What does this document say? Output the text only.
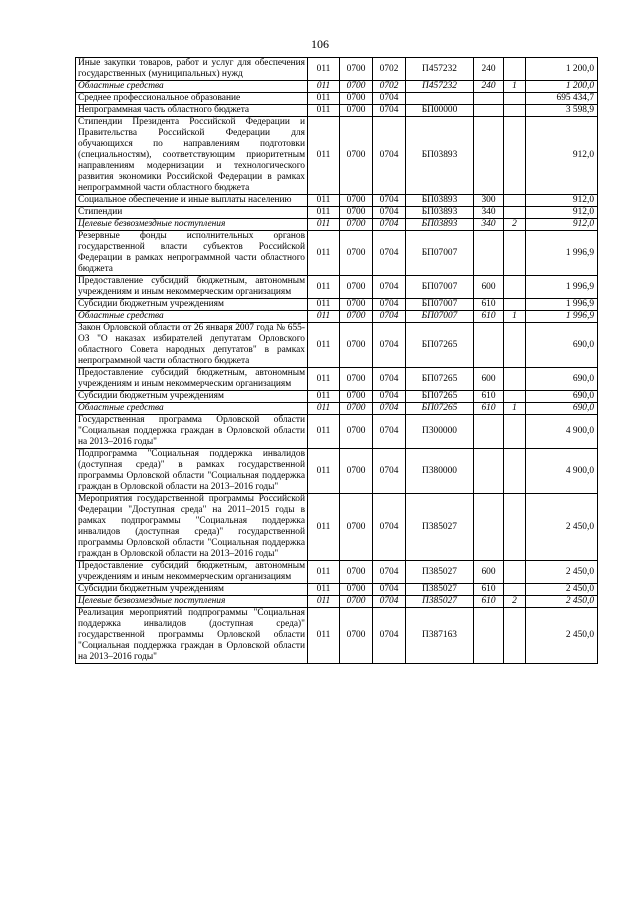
106
Иные закупки товаров, работ и услуг для обеспечения государственных (муниципальных) нужд	011	0700	0702	П457232	240		1 200,0
Областные средства	011	0700	0702	П457232	240	1	1 200,0
Среднее профессиональное образование	011	0700	0704				695 434,7
Непрограммная часть областного бюджета	011	0700	0704	БП00000			3 598,9
Стипендии Президента Российской Федерации и Правительства Российской Федерации для обучающихся по направлениям подготовки (специальностям), соответствующим приоритетным направлениям модернизации и технологического развития экономики Российской Федерации в рамках непрограммной части областного бюджета	011	0700	0704	БП03893			912,0
Социальное обеспечение и иные выплаты населению	011	0700	0704	БП03893	300		912,0
Стипендии	011	0700	0704	БП03893	340		912,0
Целевые безвозмездные поступления	011	0700	0704	БП03893	340	2	912,0
Резервные фонды исполнительных органов государственной власти субъектов Российской Федерации в рамках непрограммной части областного бюджета	011	0700	0704	БП07007			1 996,9
Предоставление субсидий бюджетным, автономным учреждениям и иным некоммерческим организациям	011	0700	0704	БП07007	600		1 996,9
Субсидии бюджетным учреждениям	011	0700	0704	БП07007	610		1 996,9
Областные средства	011	0700	0704	БП07007	610	1	1 996,9
Закон Орловской области от 26 января 2007 года № 655-ОЗ "О наказах избирателей депутатам Орловского областного Совета народных депутатов" в рамках непрограммной части областного бюджета	011	0700	0704	БП07265			690,0
Предоставление субсидий бюджетным, автономным учреждениям и иным некоммерческим организациям	011	0700	0704	БП07265	600		690,0
Субсидии бюджетным учреждениям	011	0700	0704	БП07265	610		690,0
Областные средства	011	0700	0704	БП07265	610	1	690,0
Государственная программа Орловской области "Социальная поддержка граждан в Орловской области на 2013–2016 годы"	011	0700	0704	П300000			4 900,0
Подпрограмма "Социальная поддержка инвалидов (доступная среда)" в рамках государственной программы Орловской области "Социальная поддержка граждан в Орловской области на 2013–2016 годы"	011	0700	0704	П380000			4 900,0
Мероприятия государственной программы Российской Федерации "Доступная среда" на 2011–2015 годы в рамках подпрограммы "Социальная поддержка инвалидов (доступная среда)" государственной программы Орловской области "Социальная поддержка граждан в Орловской области на 2013–2016 годы"	011	0700	0704	П385027			2 450,0
Предоставление субсидий бюджетным, автономным учреждениям и иным некоммерческим организациям	011	0700	0704	П385027	600		2 450,0
Субсидии бюджетным учреждениям	011	0700	0704	П385027	610		2 450,0
Целевые безвозмездные поступления	011	0700	0704	П385027	610	2	2 450,0
Реализация мероприятий подпрограммы "Социальная поддержка инвалидов (доступная среда)" государственной программы Орловской области "Социальная поддержка граждан в Орловской области на 2013–2016 годы"	011	0700	0704	П387163			2 450,0
